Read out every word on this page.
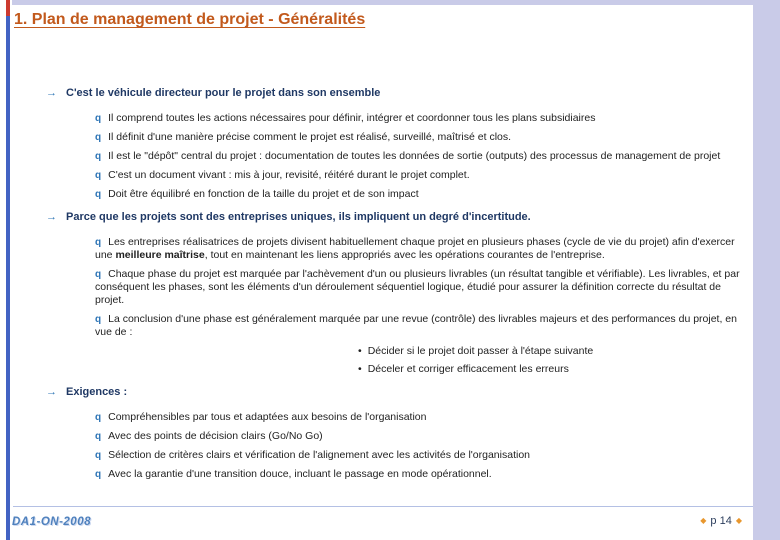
1. Plan de management de projet - Généralités
→ C'est le véhicule directeur pour le projet dans son ensemble
q Il comprend toutes les actions nécessaires pour définir, intégrer et coordonner tous les plans subsidiaires
q Il définit d'une manière précise comment le projet est réalisé, surveillé, maîtrisé et clos.
q Il est le "dépôt" central du projet : documentation de toutes les données de sortie (outputs) des processus de management de projet
q C'est un document vivant : mis à jour, revisité, réitéré durant le projet complet.
q Doit être équilibré en fonction de la taille du projet et de son impact
→ Parce que les projets sont des entreprises uniques, ils impliquent un degré d'incertitude.
q Les entreprises réalisatrices de projets divisent habituellement chaque projet en plusieurs phases (cycle de vie du projet) afin d'exercer une meilleure maîtrise, tout en maintenant les liens appropriés avec les opérations courantes de l'entreprise.
q Chaque phase du projet est marquée par l'achèvement d'un ou plusieurs livrables (un résultat tangible et vérifiable). Les livrables, et par conséquent les phases, sont les éléments d'un déroulement séquentiel logique, étudié pour assurer la définition correcte du résultat de projet.
q La conclusion d'une phase est généralement marquée par une revue (contrôle) des livrables majeurs et des performances du projet, en vue de :
• Décider si le projet doit passer à l'étape suivante
• Déceler et corriger efficacement les erreurs
→ Exigences :
q Compréhensibles par tous et adaptées aux besoins de l'organisation
q Avec des points de décision clairs (Go/No Go)
q Sélection de critères clairs et vérification de l'alignement avec les activités de l'organisation
q Avec la garantie d'une transition douce, incluant le passage en mode opérationnel.
DA1-ON-2008	◆ p 14 ◆
